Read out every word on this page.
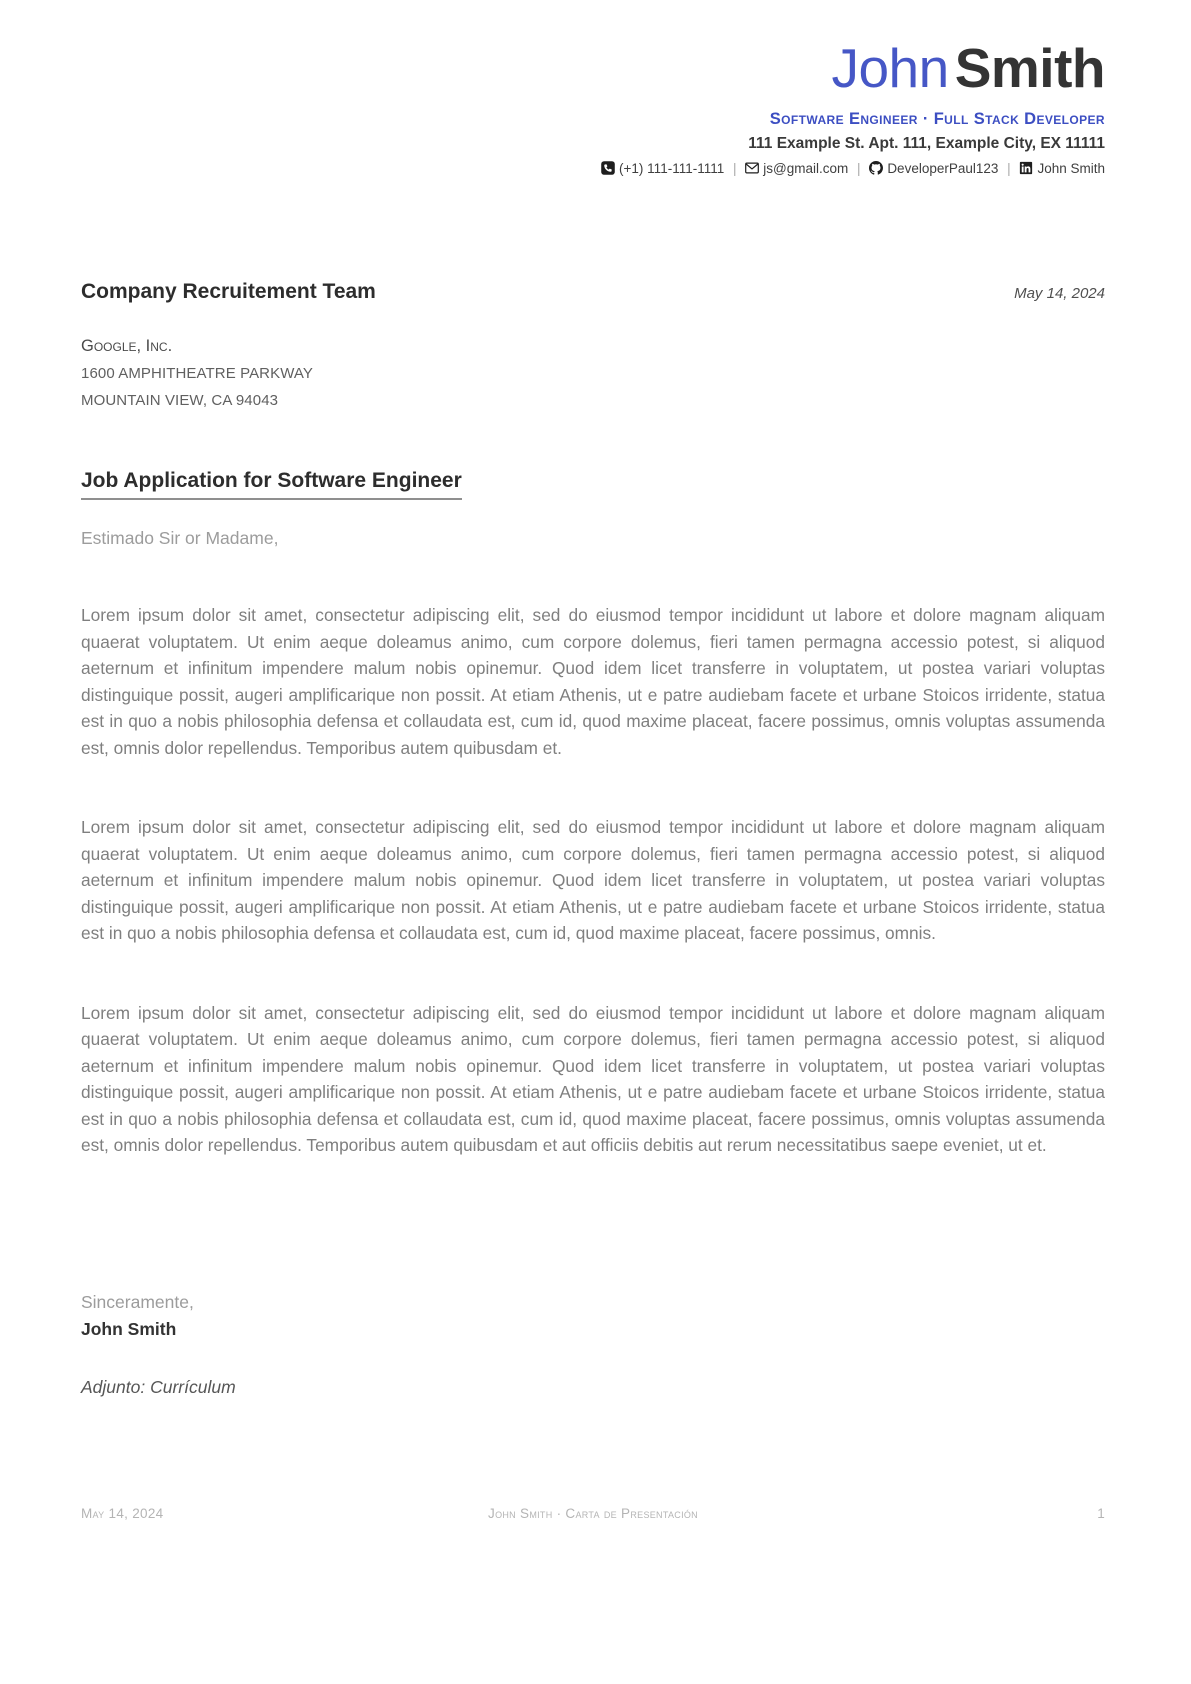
John Smith
Software Engineer · Full Stack Developer
111 Example St. Apt. 111, Example City, EX 11111
(+1) 111-111-1111 | js@gmail.com | DeveloperPaul123 | John Smith
Company Recruitement Team	May 14, 2024
Google, Inc.
1600 AMPHITHEATRE PARKWAY
MOUNTAIN VIEW, CA 94043
Job Application for Software Engineer
Estimado Sir or Madame,

Lorem ipsum dolor sit amet, consectetur adipiscing elit, sed do eiusmod tempor incididunt ut labore et dolore magnam aliquam quaerat voluptatem. Ut enim aeque doleamus animo, cum corpore dolemus, fieri tamen permagna accessio potest, si aliquod aeternum et infinitum impendere malum nobis opinemur. Quod idem licet transferre in voluptatem, ut postea variari voluptas distinguique possit, augeri amplificarique non possit. At etiam Athenis, ut e patre audiebam facete et urbane Stoicos irridente, statua est in quo a nobis philosophia defensa et collaudata est, cum id, quod maxime placeat, facere possimus, omnis voluptas assumenda est, omnis dolor repellendus. Temporibus autem quibusdam et.

Lorem ipsum dolor sit amet, consectetur adipiscing elit, sed do eiusmod tempor incididunt ut labore et dolore magnam aliquam quaerat voluptatem. Ut enim aeque doleamus animo, cum corpore dolemus, fieri tamen permagna accessio potest, si aliquod aeternum et infinitum impendere malum nobis opinemur. Quod idem licet transferre in voluptatem, ut postea variari voluptas distinguique possit, augeri amplificarique non possit. At etiam Athenis, ut e patre audiebam facete et urbane Stoicos irridente, statua est in quo a nobis philosophia defensa et collaudata est, cum id, quod maxime placeat, facere possimus, omnis.

Lorem ipsum dolor sit amet, consectetur adipiscing elit, sed do eiusmod tempor incididunt ut labore et dolore magnam aliquam quaerat voluptatem. Ut enim aeque doleamus animo, cum corpore dolemus, fieri tamen permagna accessio potest, si aliquod aeternum et infinitum impendere malum nobis opinemur. Quod idem licet transferre in voluptatem, ut postea variari voluptas distinguique possit, augeri amplificarique non possit. At etiam Athenis, ut e patre audiebam facete et urbane Stoicos irridente, statua est in quo a nobis philosophia defensa et collaudata est, cum id, quod maxime placeat, facere possimus, omnis voluptas assumenda est, omnis dolor repellendus. Temporibus autem quibusdam et aut officiis debitis aut rerum necessitatibus saepe eveniet, ut et.

Sinceramente,
John Smith
Adjunto: Currículum
May 14, 2024	John Smith · Carta de Presentación	1
